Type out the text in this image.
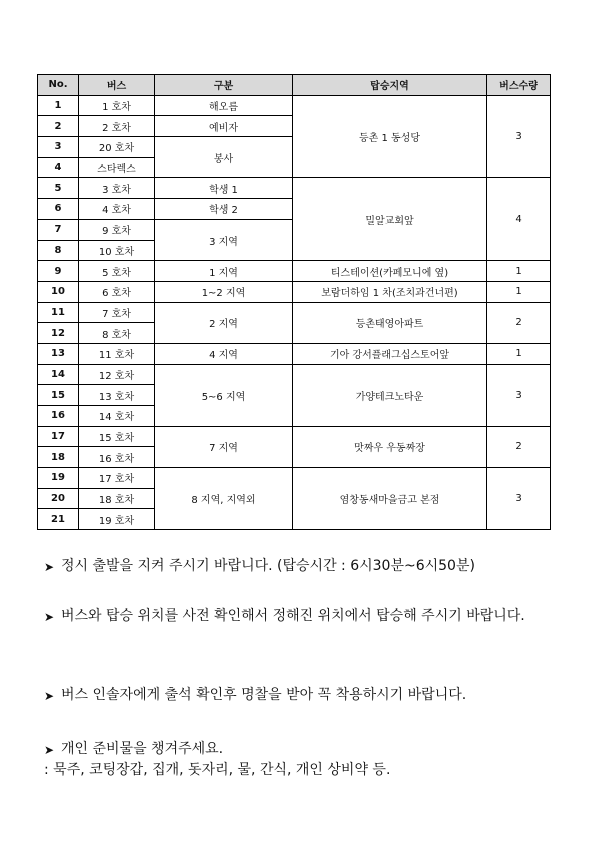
No.	버스	구분	탑승지역	버스수량
1	1 호차	해오름	등촌 1 동성당	3
2	2 호차	예비자		
3	20 호차	봉사		
4	스타렉스			
5	3 호차	학생 1	밀알교회앞	4
6	4 호차	학생 2		
7	9 호차	3 지역		
8	10 호차			
9	5 호차	1 지역	티스테이션(카페모니에 옆)	1
10	6 호차	1~2 지역	보람더하임 1 차(조치과건너편)	1
11	7 호차	2 지역	등촌태영아파트	2
12	8 호차			
13	11 호차	4 지역	기아 강서플래그십스토어앞	1
14	12 호차	5~6 지역	가양테크노타운	3
15	13 호차			
16	14 호차			
17	15 호차	7 지역	맛짜우 우동짜장	2
18	16 호차			
19	17 호차	8 지역, 지역외	염창동새마을금고 본점	3
20	18 호차			
21	19 호차			
➤ 정시 출발을 지켜 주시기 바랍니다. (탑승시간 : 6시30분~6시50분)
➤ 버스와 탑승 위치를 사전 확인해서 정해진 위치에서 탑승해 주시기 바랍니다.
➤ 버스 인솔자에게 출석 확인후 명찰을 받아 꼭 착용하시기 바랍니다.
➤ 개인 준비물을 챙겨주세요.
: 묵주, 코팅장갑, 집개, 돗자리, 물, 간식, 개인 상비약 등.
